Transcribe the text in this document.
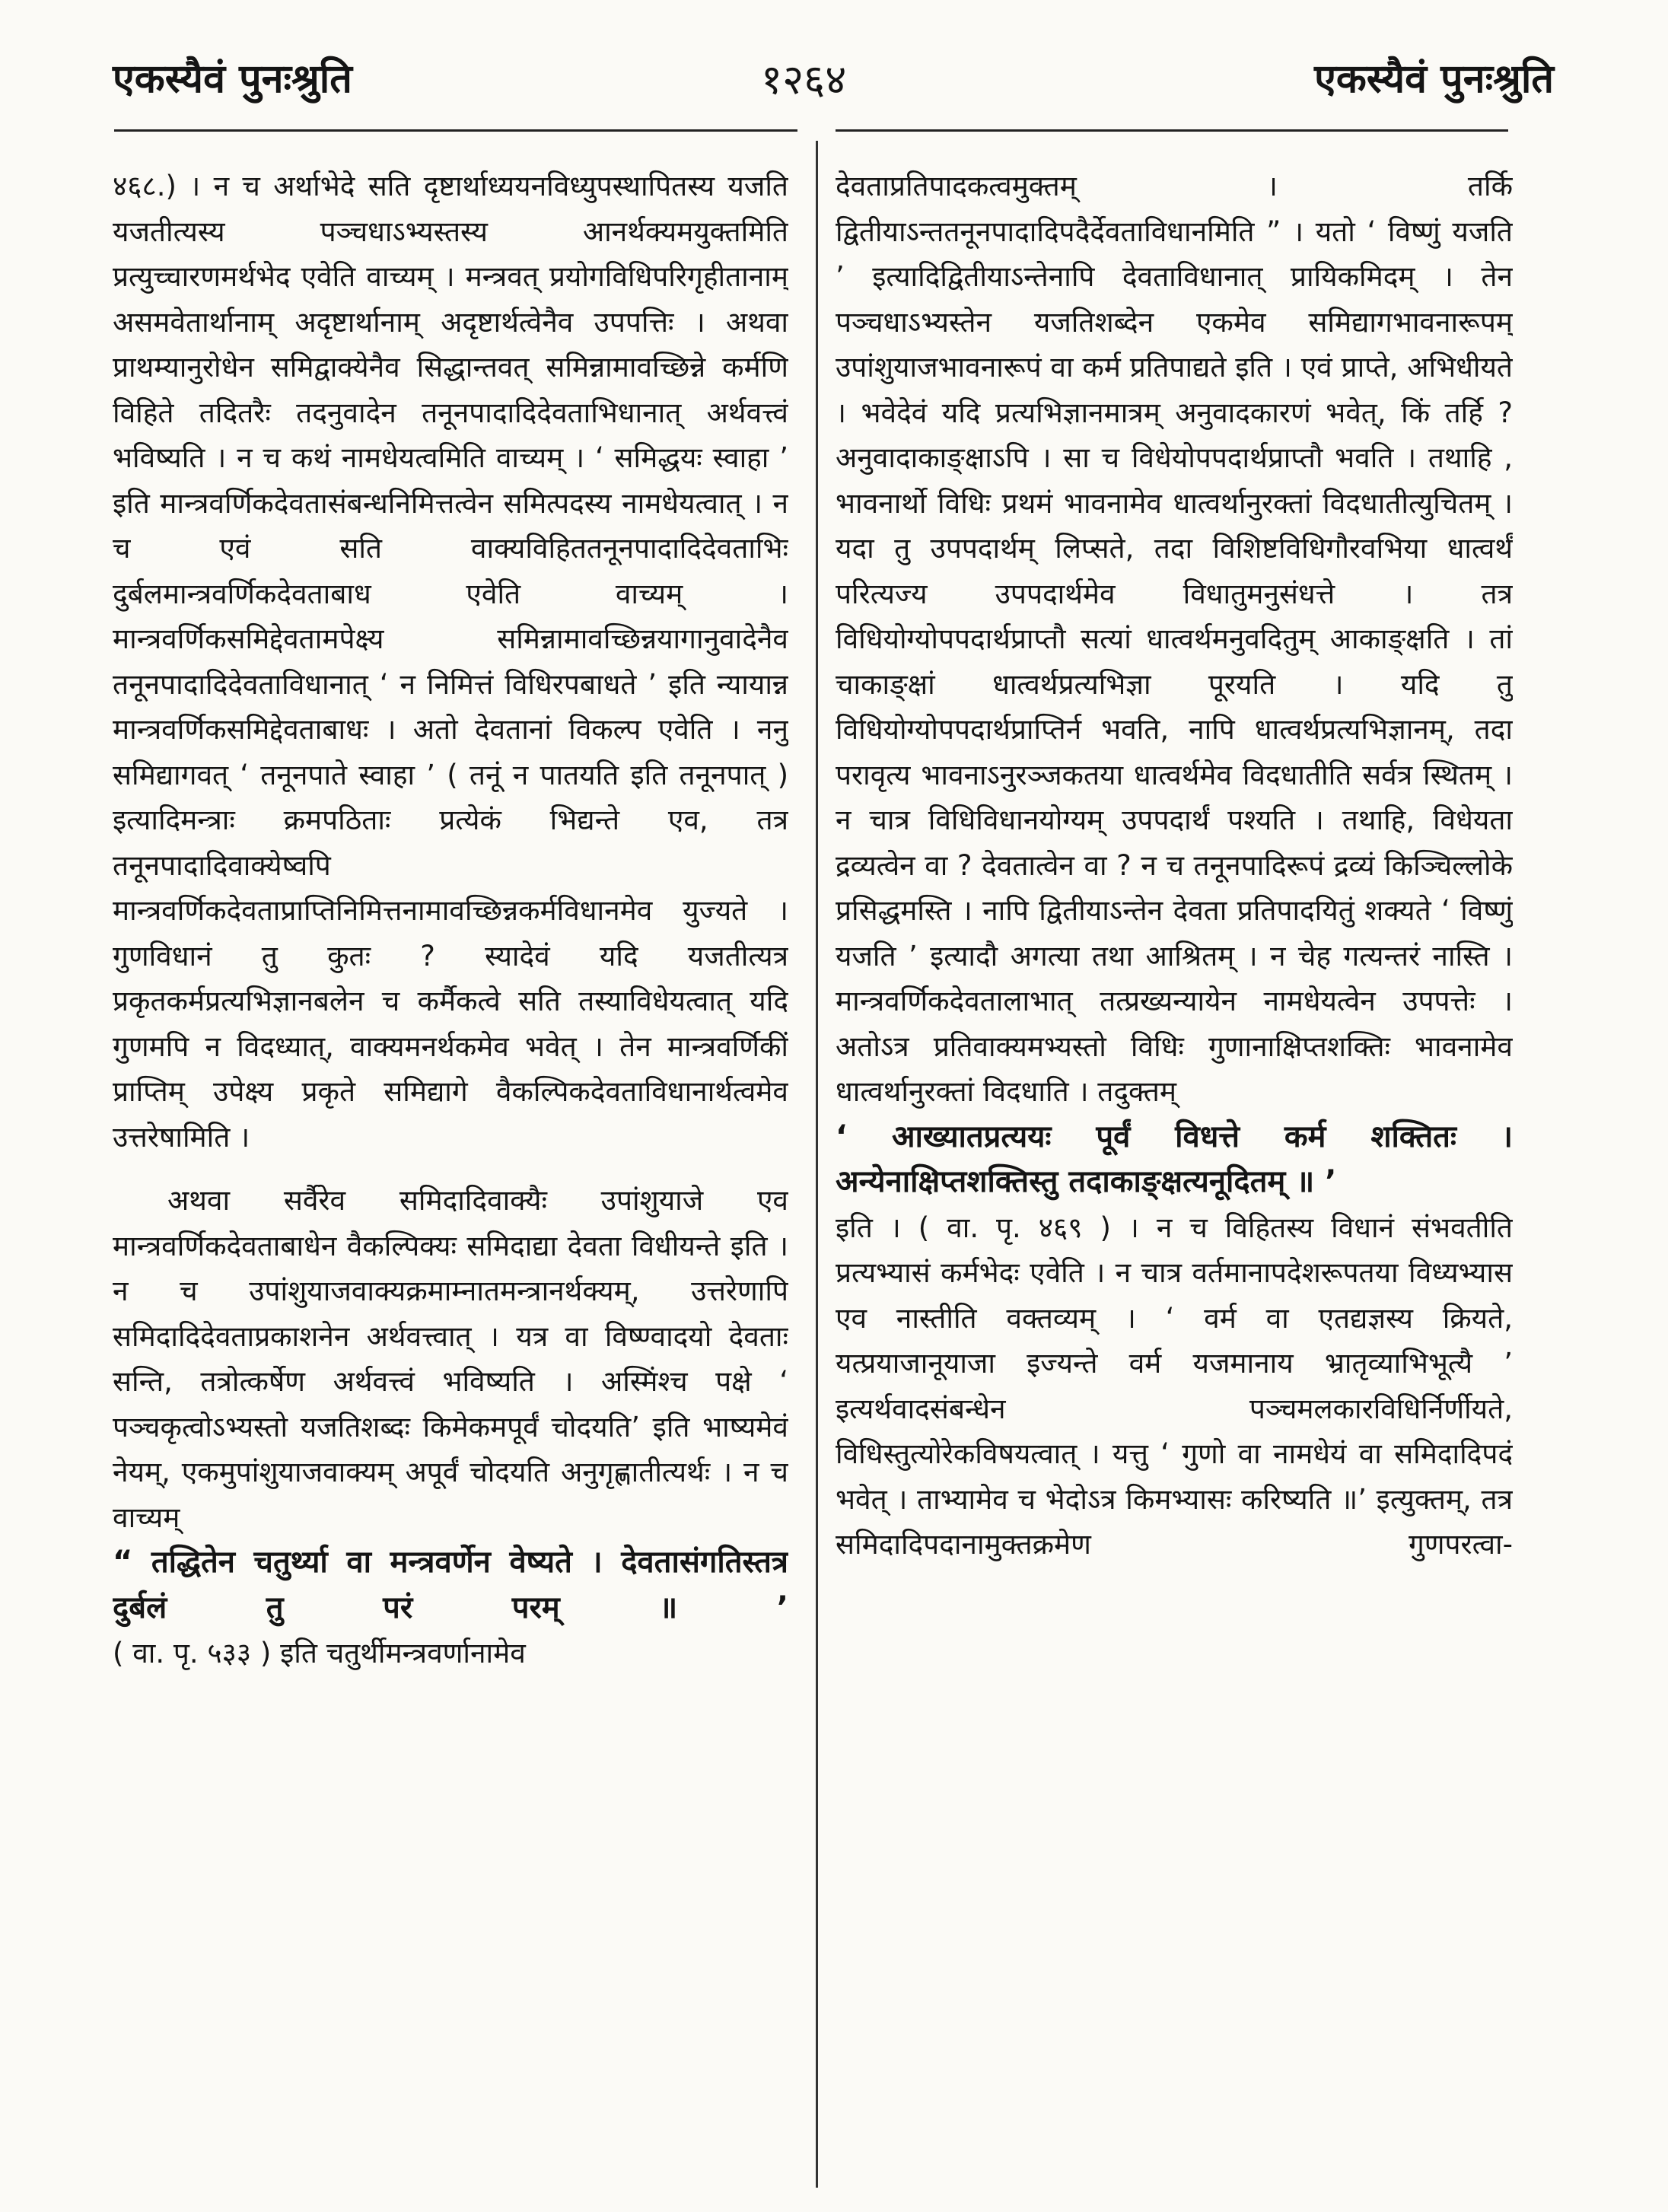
एकस्यैवं पुनःश्रुति	१२६४	एकस्यैवं पुनःश्रुति

४६८.) । न च अर्थाभेदे सति दृष्टार्थाध्ययनविध्युपस्थापितस्य यजति यजतीत्यस्य पञ्चधाऽभ्यस्तस्य आनर्थक्यमयुक्तमिति प्रत्युच्चारणमर्थभेद एवेति वाच्यम् । मन्त्रवत् प्रयोगविधिपरिगृहीतानाम् असमवेतार्थानाम् अदृष्टार्थानाम् अदृष्टार्थत्वेनैव उपपत्तिः । अथवा प्राथम्यानुरोधेन समिद्वाक्येनैव सिद्धान्तवत् समिन्नामावच्छिन्ने कर्मणि विहिते तदितरैः तदनुवादेन तनूनपादादिदेवताभिधानात् अर्थवत्त्वं भविष्यति । न च कथं नामधेयत्वमिति वाच्यम् । ‘ समिद्धयः स्वाहा ’ इति मान्त्रवर्णिकदेवतासंबन्धनिमित्तत्वेन समित्पदस्य नामधेयत्वात् । न च एवं सति वाक्यविहिततनूनपादादिदेवताभिः दुर्बलमान्त्रवर्णिकदेवताबाध एवेति वाच्यम् । मान्त्रवर्णिकसमिद्देवतामपेक्ष्य समिन्नामावच्छिन्नयागानुवादेनैव तनूनपादादिदेवताविधानात् ‘ न निमित्तं विधिरपबाधते ’ इति न्यायान्न मान्त्रवर्णिकसमिद्देवताबाधः । अतो देवतानां विकल्प एवेति । ननु समिद्यागवत् ‘ तनूनपाते स्वाहा ’ ( तनूं न पातयति इति तनूनपात् ) इत्यादिमन्त्राः क्रमपठिताः प्रत्येकं भिद्यन्ते एव, तत्र तनूनपादादिवाक्येष्वपि मान्त्रवर्णिकदेवताप्राप्तिनिमित्तनामावच्छिन्नकर्मविधानमेव युज्यते । गुणविधानं तु कुतः ? स्यादेवं यदि यजतीत्यत्र प्रकृतकर्मप्रत्यभिज्ञानबलेन च कर्मैकत्वे सति तस्याविधेयत्वात् यदि गुणमपि न विदध्यात्, वाक्यमनर्थकमेव भवेत् । तेन मान्त्रवर्णिकीं प्राप्तिम् उपेक्ष्य प्रकृते समिद्यागे वैकल्पिकदेवताविधानार्थत्वमेव उत्तरेषामिति ।

अथवा सर्वैरेव समिदादिवाक्यैः उपांशुयाजे एव मान्त्रवर्णिकदेवताबाधेन वैकल्पिक्यः समिदाद्या देवता विधीयन्ते इति । न च उपांशुयाजवाक्यक्रमाम्नातमन्त्रानर्थक्यम्, उत्तरेणापि समिदादिदेवताप्रकाशनेन अर्थवत्त्वात् । यत्र वा विष्ण्वादयो देवताः सन्ति, तत्रोत्कर्षेण अर्थवत्त्वं भविष्यति । अस्मिंश्च पक्षे ‘ पञ्चकृत्वोऽभ्यस्तो यजतिशब्दः किमेकमपूर्वं चोदयति’ इति भाष्यमेवं नेयम्, एकमुपांशुयाजवाक्यम् अपूर्वं चोदयति अनुगृह्णातीत्यर्थः । न च वाच्यम्

“ तद्धितेन चतुर्थ्या वा मन्त्रवर्णेन वेष्यते । देवतासंगतिस्तत्र दुर्बलं तु परं परम् ॥ ’

( वा. पृ. ५३३ ) इति चतुर्थीमन्त्रवर्णानामेव

देवताप्रतिपादकत्वमुक्तम् । तर्कि द्वितीयाऽन्ततनूनपादादिपदैर्देवताविधानमिति ” । यतो ‘ विष्णुं यजति ’ इत्यादिद्वितीयाऽन्तेनापि देवताविधानात् प्रायिकमिदम् । तेन पञ्चधाऽभ्यस्तेन यजतिशब्देन एकमेव समिद्यागभावनारूपम् उपांशुयाजभावनारूपं वा कर्म प्रतिपाद्यते इति । एवं प्राप्ते, अभिधीयते । भवेदेवं यदि प्रत्यभिज्ञानमात्रम् अनुवादकारणं भवेत्, किं तर्हि ? अनुवादाकाङ्क्षाऽपि । सा च विधेयोपपदार्थप्राप्तौ भवति । तथाहि , भावनार्थो विधिः प्रथमं भावनामेव धात्वर्थानुरक्तां विदधातीत्युचितम् । यदा तु उपपदार्थम् लिप्सते, तदा विशिष्टविधिगौरवभिया धात्वर्थं परित्यज्य उपपदार्थमेव विधातुमनुसंधत्ते । तत्र विधियोग्योपपदार्थप्राप्तौ सत्यां धात्वर्थमनुवदितुम् आकाङ्क्षति । तां चाकाङ्क्षां धात्वर्थप्रत्यभिज्ञा पूरयति । यदि तु विधियोग्योपपदार्थप्राप्तिर्न भवति, नापि धात्वर्थप्रत्यभिज्ञानम्, तदा परावृत्य भावनाऽनुरञ्जकतया धात्वर्थमेव विदधातीति सर्वत्र स्थितम् । न चात्र विधिविधानयोग्यम् उपपदार्थं पश्यति । तथाहि, विधेयता द्रव्यत्वेन वा ? देवतात्वेन वा ? न च तनूनपादिरूपं द्रव्यं किञ्चिल्लोके प्रसिद्धमस्ति । नापि द्वितीयाऽन्तेन देवता प्रतिपादयितुं शक्यते ‘ विष्णुं यजति ’ इत्यादौ अगत्या तथा आश्रितम् । न चेह गत्यन्तरं नास्ति । मान्त्रवर्णिकदेवतालाभात् तत्प्रख्यन्यायेन नामधेयत्वेन उपपत्तेः । अतोऽत्र प्रतिवाक्यमभ्यस्तो विधिः गुणानाक्षिप्तशक्तिः भावनामेव धात्वर्थानुरक्तां विदधाति । तदुक्तम्

‘ आख्यातप्रत्ययः पूर्वं विधत्ते कर्म शक्तितः । अन्येनाक्षिप्तशक्तिस्तु तदाकाङ्क्षत्यनूदितम् ॥ ’

इति । ( वा. पृ. ४६९ ) । न च विहितस्य विधानं संभवतीति प्रत्यभ्यासं कर्मभेदः एवेति । न चात्र वर्तमानापदेशरूपतया विध्यभ्यास एव नास्तीति वक्तव्यम् । ‘ वर्म वा एतद्यज्ञस्य क्रियते, यत्प्रयाजानूयाजा इज्यन्ते वर्म यजमानाय भ्रातृव्याभिभूत्यै ’ इत्यर्थवादसंबन्धेन पञ्चमलकारविधिर्निर्णीयते, विधिस्तुत्योरेकविषयत्वात् । यत्तु ‘ गुणो वा नामधेयं वा समिदादिपदं भवेत् । ताभ्यामेव च भेदोऽत्र किमभ्यासः करिष्यति ॥’ इत्युक्तम्, तत्र समिदादिपदानामुक्तक्रमेण गुणपरत्वा-
